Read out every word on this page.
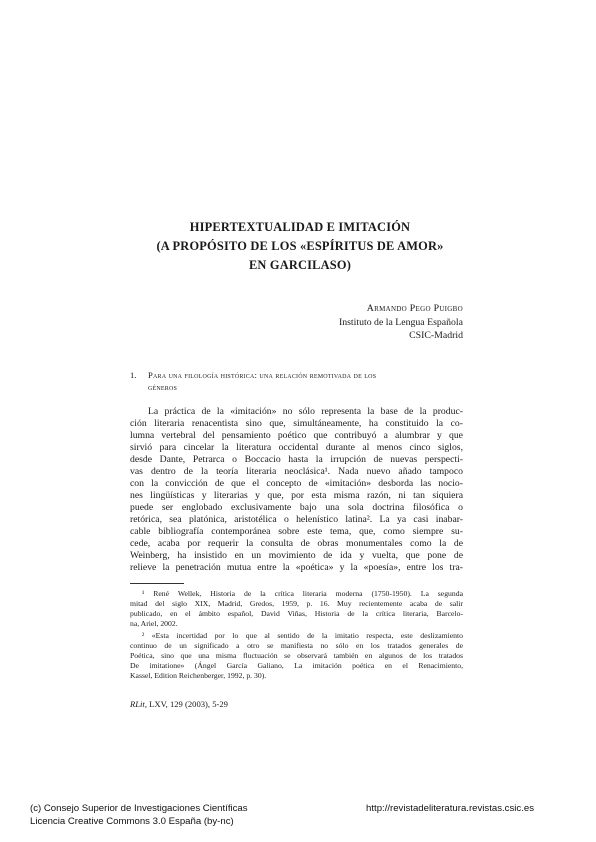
HIPERTEXTUALIDAD E IMITACIÓN
(A PROPÓSITO DE LOS «ESPÍRITUS DE AMOR»
EN GARCILASO)
Armando Pego Puigbo
Instituto de la Lengua Española
CSIC-Madrid
1. Para una filología histórica: una relación remotivada de los
géneros
La práctica de la «imitación» no sólo representa la base de la produc-
ción literaria renacentista sino que, simultáneamente, ha constituido la co-
lumna vertebral del pensamiento poético que contribuyó a alumbrar y que
sirvió para cincelar la literatura occidental durante al menos cinco siglos,
desde Dante, Petrarca o Boccacio hasta la irrupción de nuevas perspecti-
vas dentro de la teoría literaria neoclásica¹. Nada nuevo añado tampoco
con la convicción de que el concepto de «imitación» desborda las nocio-
nes lingüísticas y literarias y que, por esta misma razón, ni tan siquiera
puede ser englobado exclusivamente bajo una sola doctrina filosófica o
retórica, sea platónica, aristotélica o helenístico latina². La ya casi inabar-
cable bibliografía contemporánea sobre este tema, que, como siempre su-
cede, acaba por requerir la consulta de obras monumentales como la de
Weinberg, ha insistido en un movimiento de ida y vuelta, que pone de
relieve la penetración mutua entre la «poética» y la «poesía», entre los tra-
¹ René Wellek, Historia de la crítica literaria moderna (1750-1950). La segunda
mitad del siglo XIX, Madrid, Gredos, 1959, p. 16. Muy recientemente acaba de salir
publicado, en el ámbito español, David Viñas, Historia de la crítica literaria, Barcelo-
na, Ariel, 2002.
² «Esta incertidad por lo que al sentido de la imitatio respecta, este deslizamiento
continuo de un significado a otro se manifiesta no sólo en los tratados generales de
Poética, sino que una misma fluctuación se observará también en algunos de los tratados
De imitatione» (Ángel García Galiano, La imitación poética en el Renacimiento,
Kassel, Edition Reichenberger, 1992, p. 30).
RLit, LXV, 129 (2003), 5-29
(c) Consejo Superior de Investigaciones Científicas
Licencia Creative Commons 3.0 España (by-nc)
http://revistadeliteratura.revistas.csic.es
